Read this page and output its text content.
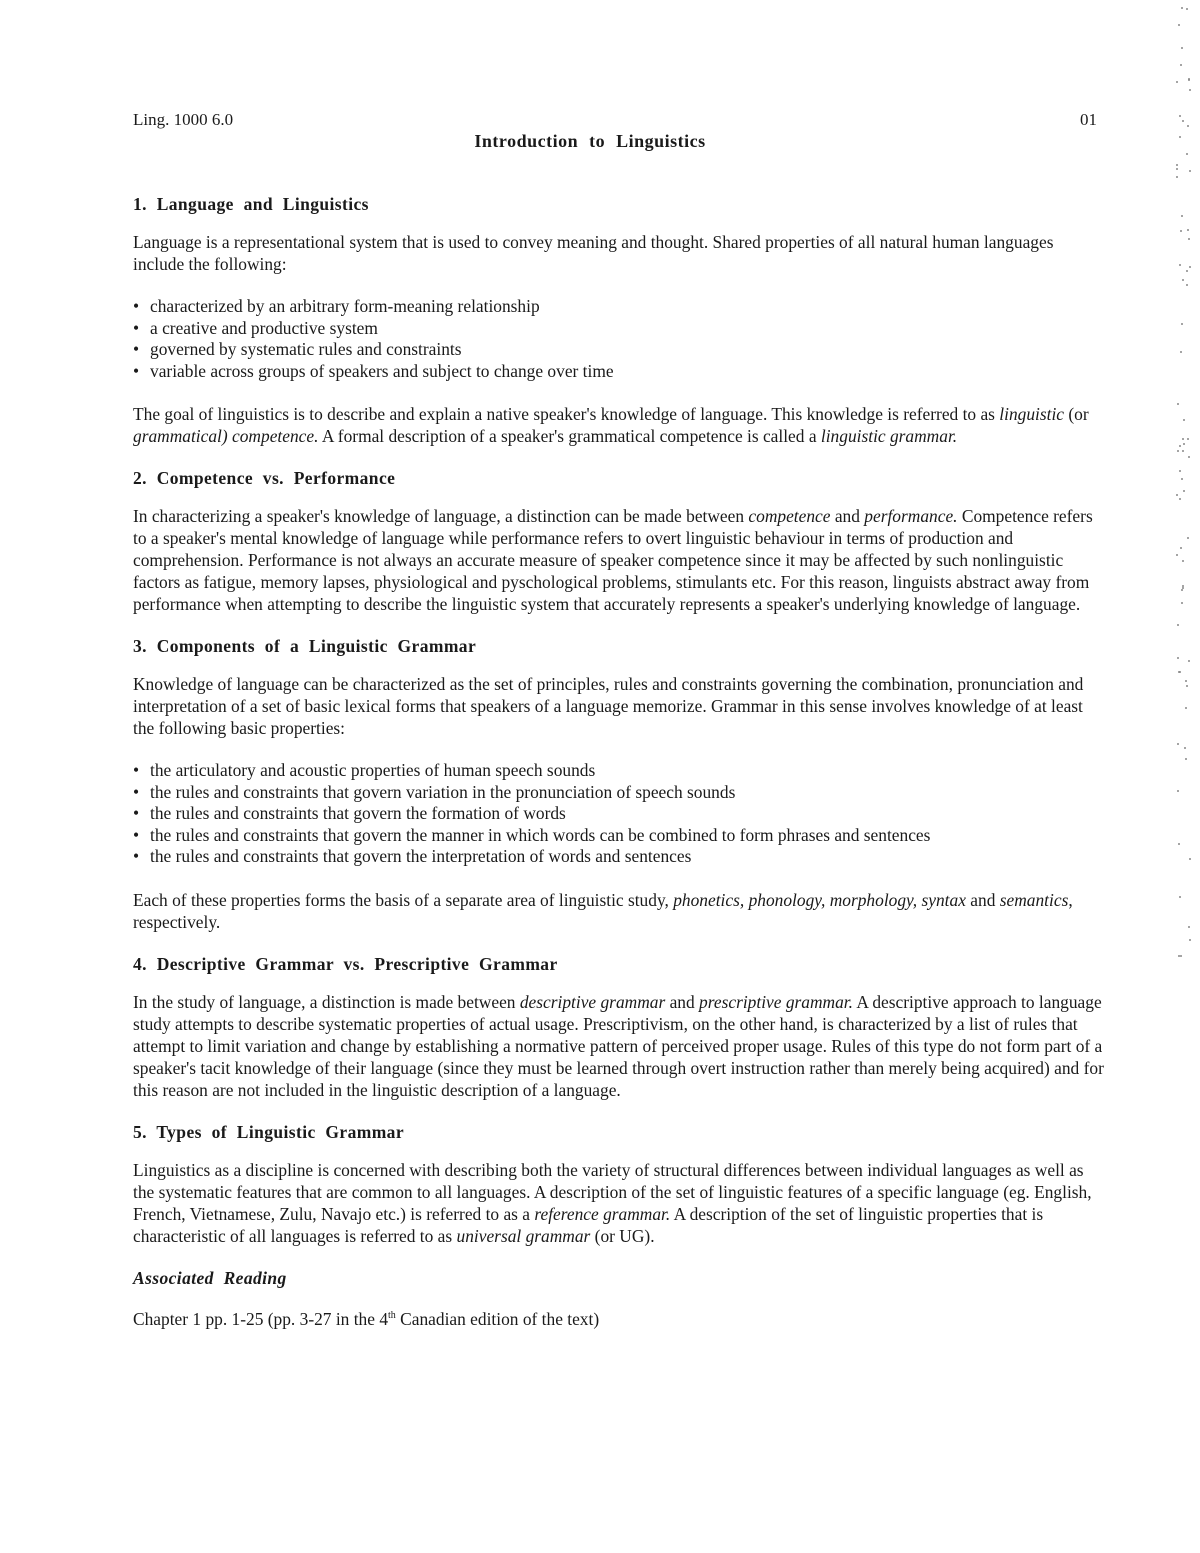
Ling. 1000 6.0	01
Introduction to Linguistics
1. Language and Linguistics

Language is a representational system that is used to convey meaning and thought. Shared properties of all natural human languages include the following:

• characterized by an arbitrary form-meaning relationship
• a creative and productive system
• governed by systematic rules and constraints
• variable across groups of speakers and subject to change over time

The goal of linguistics is to describe and explain a native speaker's knowledge of language. This knowledge is referred to as linguistic (or grammatical) competence. A formal description of a speaker's grammatical competence is called a linguistic grammar.

2. Competence vs. Performance

In characterizing a speaker's knowledge of language, a distinction can be made between competence and performance. Competence refers to a speaker's mental knowledge of language while performance refers to overt linguistic behaviour in terms of production and comprehension. Performance is not always an accurate measure of speaker competence since it may be affected by such nonlinguistic factors as fatigue, memory lapses, physiological and pyschological problems, stimulants etc. For this reason, linguists abstract away from performance when attempting to describe the linguistic system that accurately represents a speaker's underlying knowledge of language.

3. Components of a Linguistic Grammar

Knowledge of language can be characterized as the set of principles, rules and constraints governing the combination, pronunciation and interpretation of a set of basic lexical forms that speakers of a language memorize. Grammar in this sense involves knowledge of at least the following basic properties:

• the articulatory and acoustic properties of human speech sounds
• the rules and constraints that govern variation in the pronunciation of speech sounds
• the rules and constraints that govern the formation of words
• the rules and constraints that govern the manner in which words can be combined to form phrases and sentences
• the rules and constraints that govern the interpretation of words and sentences

Each of these properties forms the basis of a separate area of linguistic study, phonetics, phonology, morphology, syntax and semantics, respectively.

4. Descriptive Grammar vs. Prescriptive Grammar

In the study of language, a distinction is made between descriptive grammar and prescriptive grammar. A descriptive approach to language study attempts to describe systematic properties of actual usage. Prescriptivism, on the other hand, is characterized by a list of rules that attempt to limit variation and change by establishing a normative pattern of perceived proper usage. Rules of this type do not form part of a speaker's tacit knowledge of their language (since they must be learned through overt instruction rather than merely being acquired) and for this reason are not included in the linguistic description of a language.

5. Types of Linguistic Grammar

Linguistics as a discipline is concerned with describing both the variety of structural differences between individual languages as well as the systematic features that are common to all languages. A description of the set of linguistic features of a specific language (eg. English, French, Vietnamese, Zulu, Navajo etc.) is referred to as a reference grammar. A description of the set of linguistic properties that is characteristic of all languages is referred to as universal grammar (or UG).

Associated Reading
Chapter 1 pp. 1-25 (pp. 3-27 in the 4th Canadian edition of the text)
